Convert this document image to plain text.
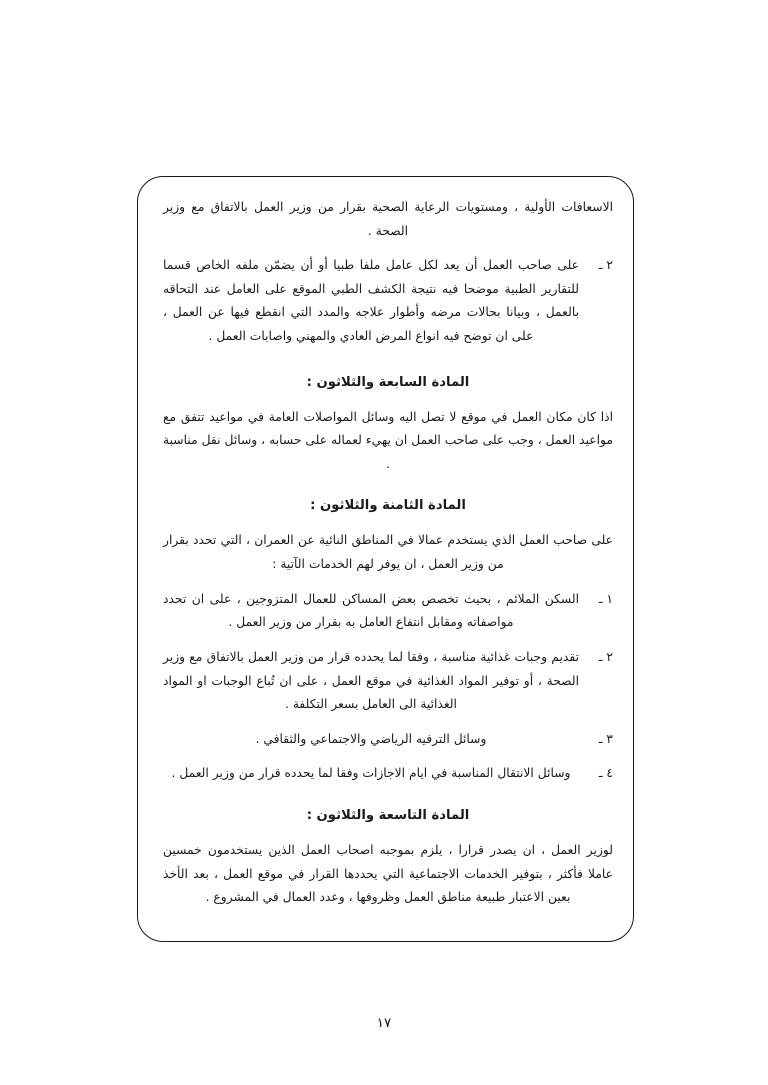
الاسعافات الأولية ، ومستويات الرعاية الصحية بقرار من وزير العمل بالاتفاق مع وزير الصحة .

٢ ـ
على صاحب العمل أن يعد لكل عامل ملفا طبيا أو أن يضمّن ملفه الخاص قسما للتقارير الطبية موضحا فيه نتيجة الكشف الطبي الموقع على العامل عند التحاقه بالعمل ، وبيانا بحالات مرضه وأطوار علاجه والمدد التي انقطع فيها عن العمل ، على ان توضح فيه انواع المرض العادي والمهني واصابات العمل .
المادة السابعة والثلاثون :

اذا كان مكان العمل في موقع لا تصل اليه وسائل المواصلات العامة في مواعيد تتفق مع مواعيد العمل ، وجب على صاحب العمل ان يهيء لعماله على حسابه ، وسائل نقل مناسبة .

المادة الثامنة والثلاثون :

على صاحب العمل الذي يستخدم عمالا في المناطق النائية عن العمران ، التي تحدد بقرار من وزير العمل ، ان يوفر لهم الخدمات الآتية :

١ ـ
السكن الملائم ، بحيث تخصص بعض المساكن للعمال المتزوجين ، على ان تحدد مواصفاته ومقابل انتفاع العامل به بقرار من وزير العمل .
٢ ـ
تقديم وجبات غذائية مناسبة ، وفقا لما يحدده قرار من وزير العمل بالاتفاق مع وزير الصحة ، أو توفير المواد الغذائية في موقع العمل ، على ان تُباع الوجبات او المواد الغذائية الى العامل بسعر التكلفة .
٣ ـ
وسائل الترفيه الرياضي والاجتماعي والثقافي .
٤ ـ
وسائل الانتقال المناسبة في ايام الاجازات وفقا لما يحدده قرار من وزير العمل .
المادة التاسعة والثلاثون :

لوزير العمل ، ان يصدر قرارا ، يلزم بموجبه اصحاب العمل الذين يستخدمون خمسين عاملا فأكثر ، بتوفير الخدمات الاجتماعية التي يحددها القرار في موقع العمل ، بعد الأخذ بعين الاعتبار طبيعة مناطق العمل وظروفها ، وعدد العمال في المشروع .

١٧
